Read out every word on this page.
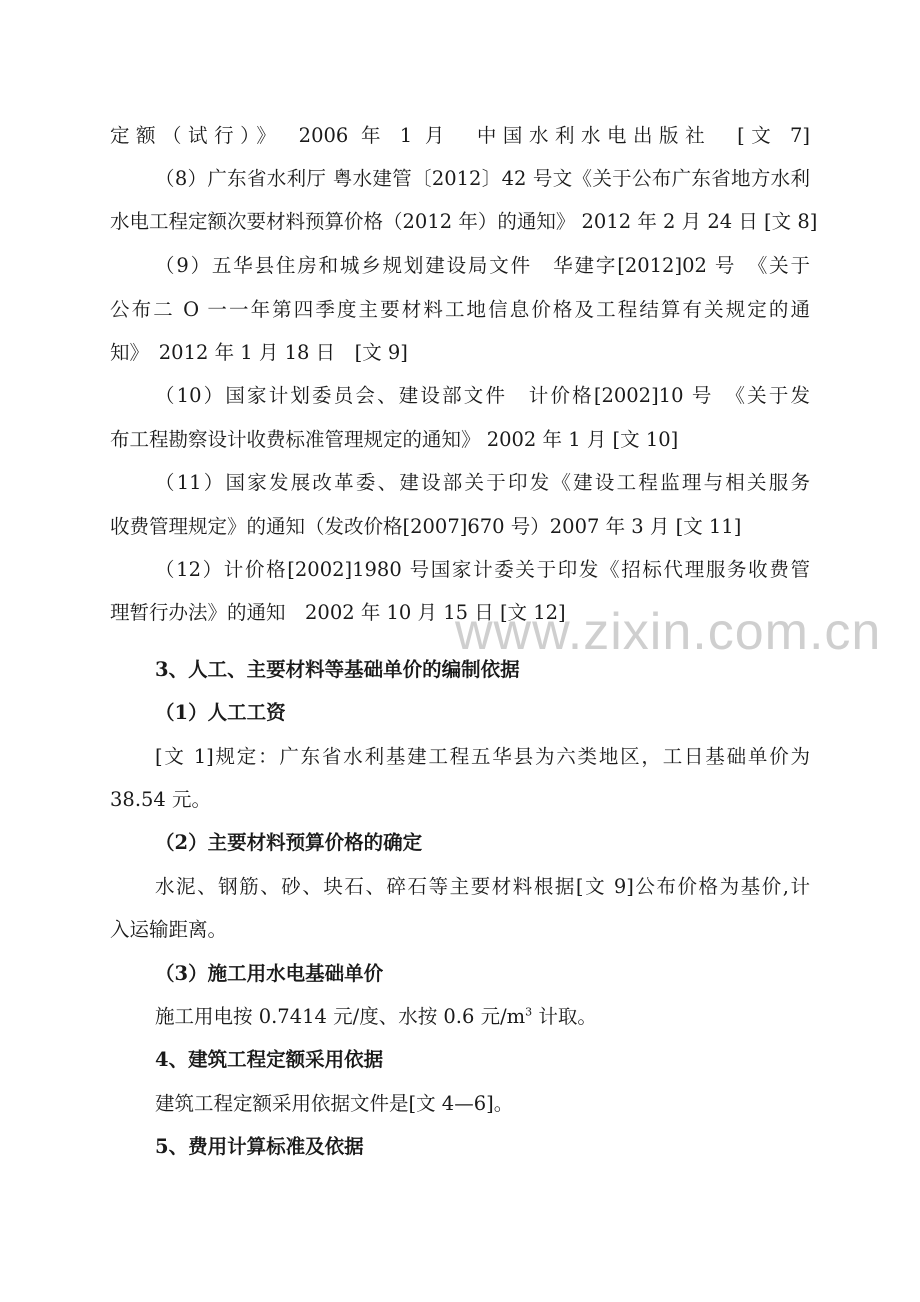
www.zixin.com.cn
定额（试行）》　2006 年 1 月　中国水利水电出版社　[文 7]
（8）广东省水利厅 粤水建管〔2012〕42 号文《关于公布广东省地方水利
水电工程定额次要材料预算价格（2012 年）的通知》 2012 年 2 月 24 日 [文 8]
（9）五华县住房和城乡规划建设局文件　华建字[2012]02 号　《关于
公布二 O 一一年第四季度主要材料工地信息价格及工程结算有关规定的通
知》　2012 年 1 月 18 日　[文 9]
（10）国家计划委员会、建设部文件　计价格[2002]10 号　《关于发
布工程勘察设计收费标准管理规定的通知》 2002 年 1 月 [文 10]
（11）国家发展改革委、建设部关于印发《建设工程监理与相关服务
收费管理规定》的通知（发改价格[2007]670 号）2007 年 3 月 [文 11]
（12）计价格[2002]1980 号国家计委关于印发《招标代理服务收费管
理暂行办法》的通知　2002 年 10 月 15 日 [文 12]
3、人工、主要材料等基础单价的编制依据
（1）人工工资
[文 1]规定：广东省水利基建工程五华县为六类地区，工日基础单价为
38.54 元。
（2）主要材料预算价格的确定
水泥、钢筋、砂、块石、碎石等主要材料根据[文 9]公布价格为基价,计
入运输距离。
（3）施工用水电基础单价
施工用电按 0.7414 元/度、水按 0.6 元$/m^3$ 计取。
4、建筑工程定额采用依据
建筑工程定额采用依据文件是[文 4—6]。
5、费用计算标准及依据
